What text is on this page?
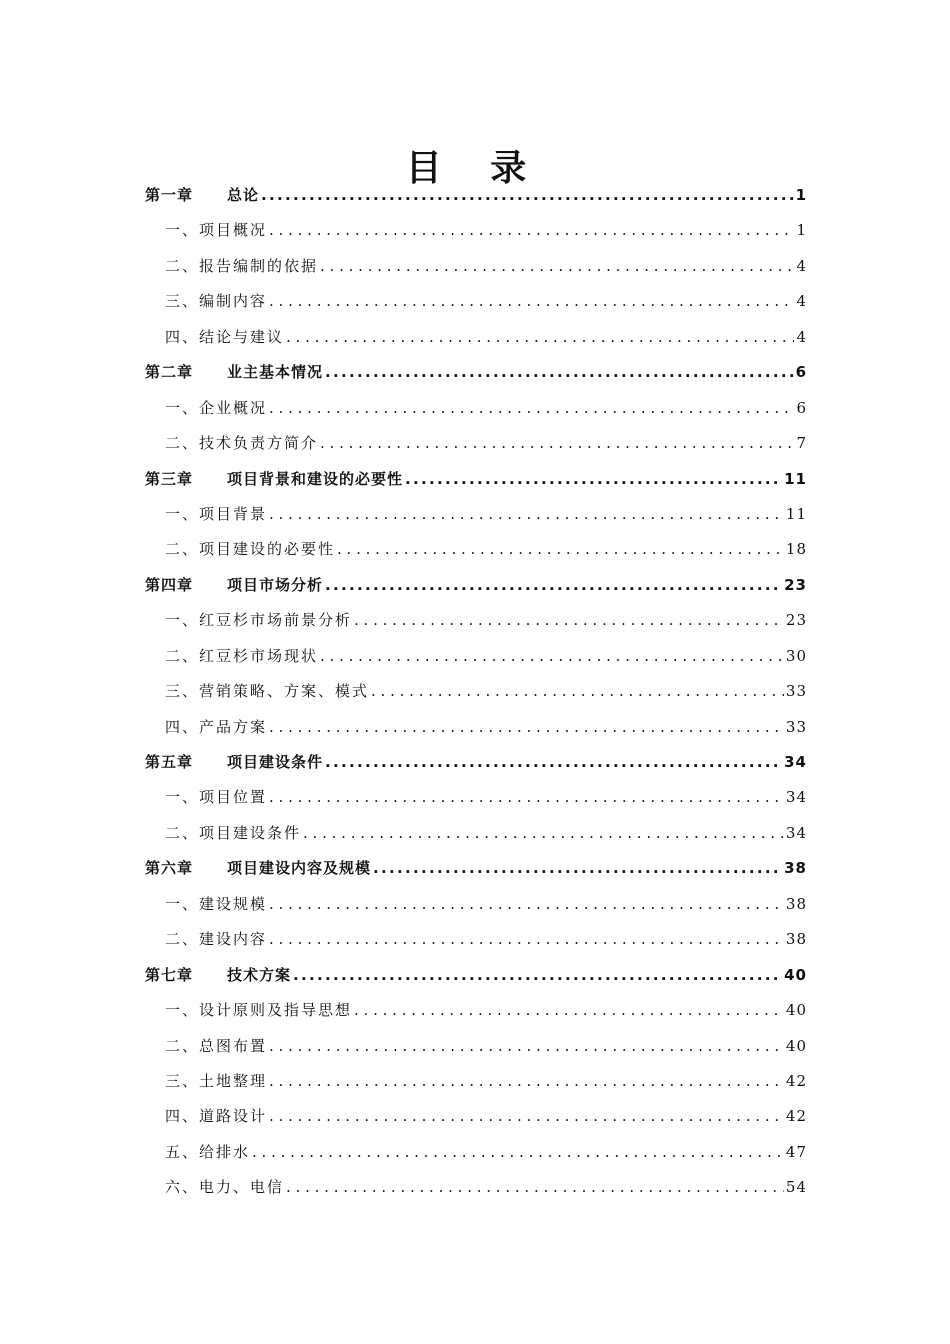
目 录
第一章	总论 .....	1
一、项目概况 . . .	1
二、报告编制的依据 . . .	4
三、编制内容 . . .	4
四、结论与建议 . . .	4
第二章	业主基本情况 .....	6
一、企业概况 . . .	6
二、技术负责方简介 . . .	7
第三章	项目背景和建设的必要性 .....	11
一、项目背景 . . .	11
二、项目建设的必要性 . . .	18
第四章	项目市场分析 .....	23
一、红豆杉市场前景分析 . . .	23
二、红豆杉市场现状 . . .	30
三、营销策略、方案、模式 . . .	33
四、产品方案 . . .	33
第五章	项目建设条件 .....	34
一、项目位置 . . .	34
二、项目建设条件 . . .	34
第六章	项目建设内容及规模 .....	38
一、建设规模 . . .	38
二、建设内容 . . .	38
第七章	技术方案 .....	40
一、设计原则及指导思想 . . .	40
二、总图布置 . . .	40
三、土地整理 . . .	42
四、道路设计 . . .	42
五、给排水 . . .	47
六、电力、电信 . . .	54
